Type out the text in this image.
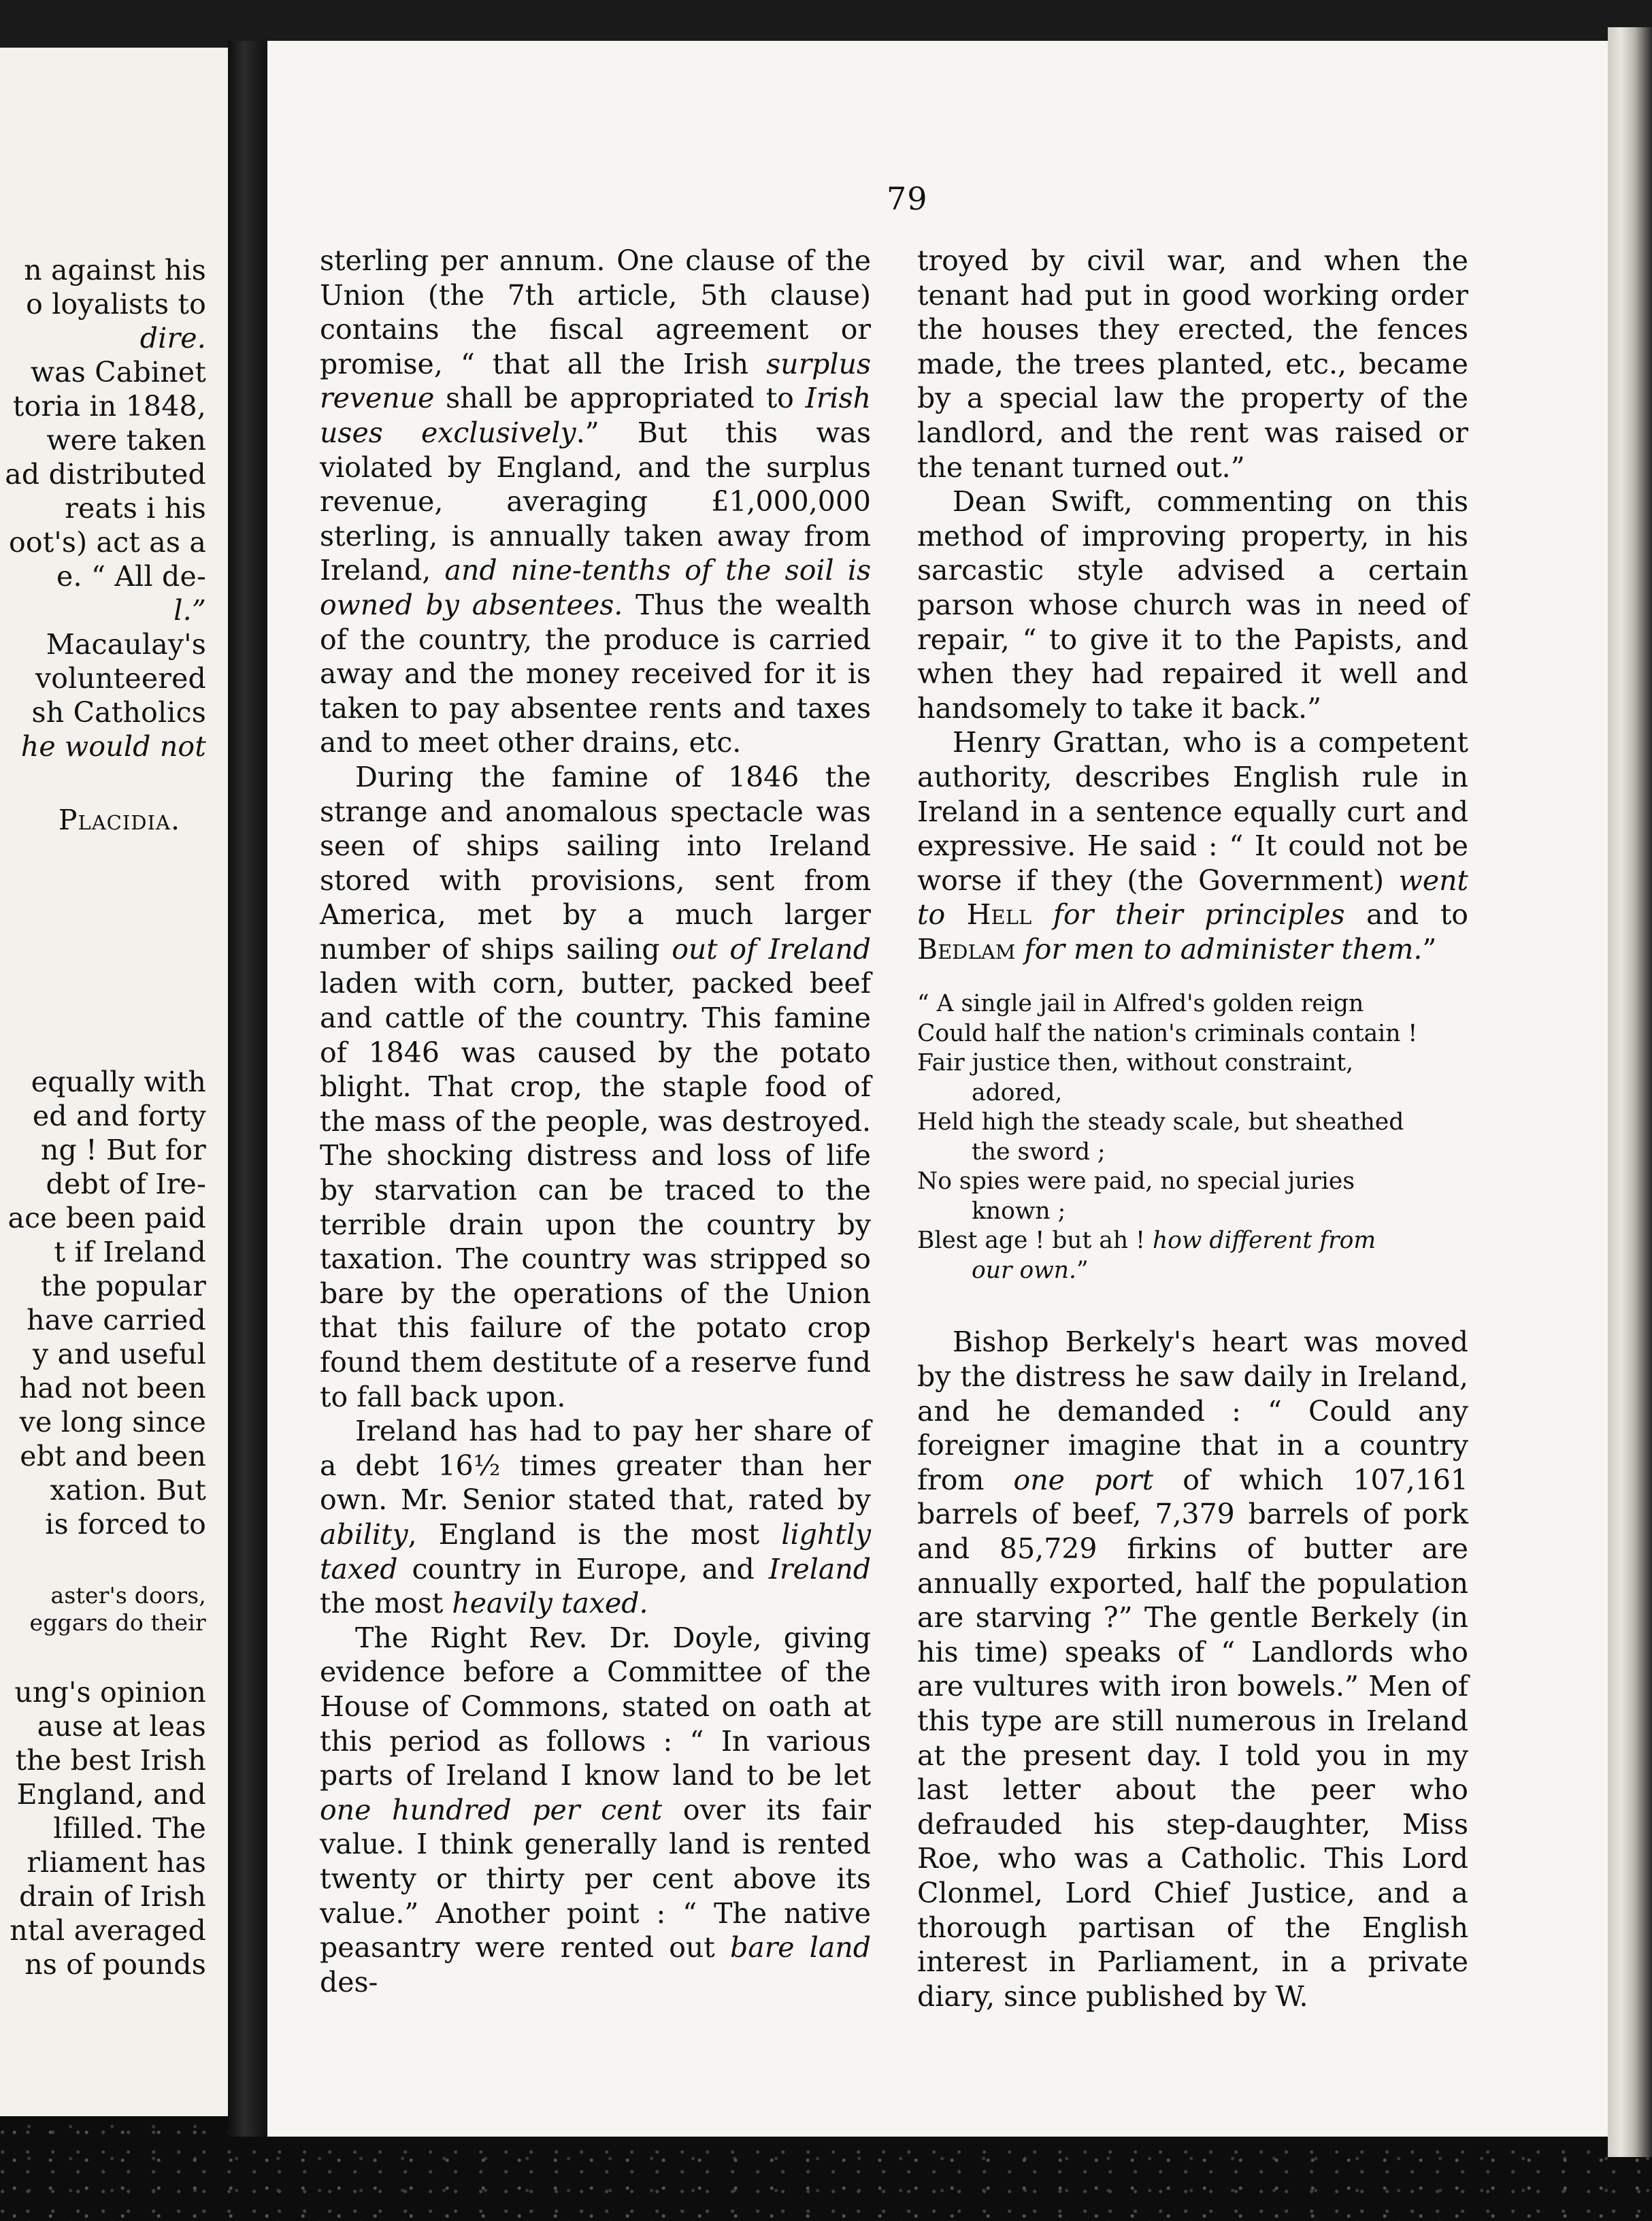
n against his
o loyalists to
dire.
was Cabinet
toria in 1848,
were taken
ad distributed
reats i his
oot's) act as a
e. “ All de-
l.”
Macaulay's
volunteered
sh Catholics
he would not
Placidia.
equally with
ed and forty
ng ! But for
debt of Ire-
ace been paid
t if Ireland
the popular
have carried
y and useful
had not been
ve long since
ebt and been
xation. But
is forced to
aster's doors,
eggars do their
ung's opinion
ause at leas
the best Irish
England, and
lfilled. The
rliament has
drain of Irish
ntal averaged
ns of pounds
79

sterling per annum. One clause of the Union (the 7th article, 5th clause) contains the fiscal agreement or promise, “ that all the Irish surplus revenue shall be appropriated to Irish uses exclusively.” But this was violated by England, and the surplus revenue, averaging £1,000,000 sterling, is annually taken away from Ireland, and nine-tenths of the soil is owned by absentees. Thus the wealth of the country, the produce is carried away and the money received for it is taken to pay absentee rents and taxes and to meet other drains, etc.

During the famine of 1846 the strange and anomalous spectacle was seen of ships sailing into Ireland stored with provisions, sent from America, met by a much larger number of ships sailing out of Ireland laden with corn, butter, packed beef and cattle of the country. This famine of 1846 was caused by the potato blight. That crop, the staple food of the mass of the people, was destroyed. The shocking distress and loss of life by starvation can be traced to the terrible drain upon the country by taxation. The country was stripped so bare by the operations of the Union that this failure of the potato crop found them destitute of a reserve fund to fall back upon.

Ireland has had to pay her share of a debt 16½ times greater than her own. Mr. Senior stated that, rated by ability, England is the most lightly taxed country in Europe, and Ireland the most heavily taxed.

The Right Rev. Dr. Doyle, giving evidence before a Committee of the House of Commons, stated on oath at this period as follows : “ In various parts of Ireland I know land to be let one hundred per cent over its fair value. I think generally land is rented twenty or thirty per cent above its value.” Another point : “ The native peasantry were rented out bare land des-

troyed by civil war, and when the tenant had put in good working order the houses they erected, the fences made, the trees planted, etc., became by a special law the property of the landlord, and the rent was raised or the tenant turned out.”

Dean Swift, commenting on this method of improving property, in his sarcastic style advised a certain parson whose church was in need of repair, “ to give it to the Papists, and when they had repaired it well and handsomely to take it back.”

Henry Grattan, who is a competent authority, describes English rule in Ireland in a sentence equally curt and expressive. He said : “ It could not be worse if they (the Government) went to Hell for their principles and to Bedlam for men to administer them.”

“ A single jail in Alfred's golden reign

Could half the nation's criminals contain !

Fair justice then, without constraint,
adored,

Held high the steady scale, but sheathed
the sword ;

No spies were paid, no special juries
known ;

Blest age ! but ah ! how different from
our own.”

Bishop Berkely's heart was moved by the distress he saw daily in Ireland, and he demanded : “ Could any foreigner imagine that in a country from one port of which 107,161 barrels of beef, 7,379 barrels of pork and 85,729 firkins of butter are annually exported, half the population are starving ?” The gentle Berkely (in his time) speaks of “ Landlords who are vultures with iron bowels.” Men of this type are still numerous in Ireland at the present day. I told you in my last letter about the peer who defrauded his step-daughter, Miss Roe, who was a Catholic. This Lord Clonmel, Lord Chief Justice, and a thorough partisan of the English interest in Parliament, in a private diary, since published by W.
